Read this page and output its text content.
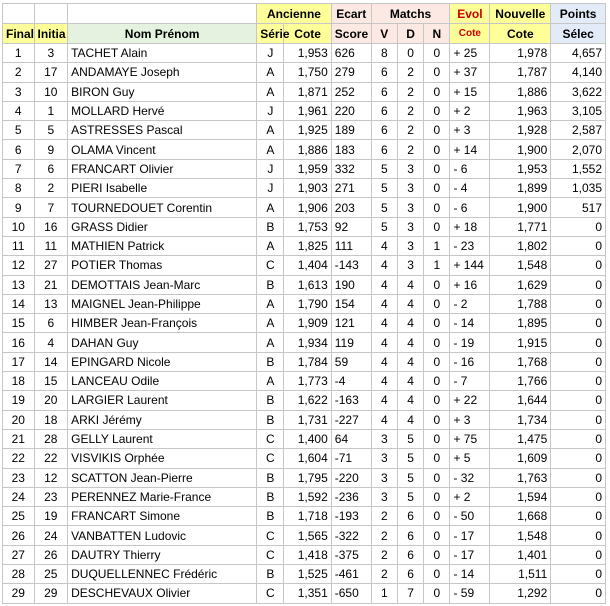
			Ancienne		Ecart	Matchs			Evol	Nouvelle	Points
Final	Initia	Nom Prénom	Série	Cote	Score	V	D	N	Cote	Cote	Sélec
1	3	TACHET Alain	J	1,953	626	8	0	0	+ 25	1,978	4,657
2	17	ANDAMAYE Joseph	A	1,750	279	6	2	0	+ 37	1,787	4,140
3	10	BIRON Guy	A	1,871	252	6	2	0	+ 15	1,886	3,622
4	1	MOLLARD Hervé	J	1,961	220	6	2	0	+ 2	1,963	3,105
5	5	ASTRESSES Pascal	A	1,925	189	6	2	0	+ 3	1,928	2,587
6	9	OLAMA Vincent	A	1,886	183	6	2	0	+ 14	1,900	2,070
7	6	FRANCART Olivier	J	1,959	332	5	3	0	- 6	1,953	1,552
8	2	PIERI Isabelle	J	1,903	271	5	3	0	- 4	1,899	1,035
9	7	TOURNEDOUET Corentin	A	1,906	203	5	3	0	- 6	1,900	517
10	16	GRASS Didier	B	1,753	92	5	3	0	+ 18	1,771	0
11	11	MATHIEN Patrick	A	1,825	111	4	3	1	- 23	1,802	0
12	27	POTIER Thomas	C	1,404	-143	4	3	1	+ 144	1,548	0
13	21	DEMOTTAIS Jean-Marc	B	1,613	190	4	4	0	+ 16	1,629	0
14	13	MAIGNEL Jean-Philippe	A	1,790	154	4	4	0	- 2	1,788	0
15	6	HIMBER Jean-François	A	1,909	121	4	4	0	- 14	1,895	0
16	4	DAHAN Guy	A	1,934	119	4	4	0	- 19	1,915	0
17	14	EPINGARD Nicole	B	1,784	59	4	4	0	- 16	1,768	0
18	15	LANCEAU Odile	A	1,773	-4	4	4	0	- 7	1,766	0
19	20	LARGIER Laurent	B	1,622	-163	4	4	0	+ 22	1,644	0
20	18	ARKI Jérémy	B	1,731	-227	4	4	0	+ 3	1,734	0
21	28	GELLY Laurent	C	1,400	64	3	5	0	+ 75	1,475	0
22	22	VISVIKIS Orphée	C	1,604	-71	3	5	0	+ 5	1,609	0
23	12	SCATTON Jean-Pierre	B	1,795	-220	3	5	0	- 32	1,763	0
24	23	PERENNEZ Marie-France	B	1,592	-236	3	5	0	+ 2	1,594	0
25	19	FRANCART Simone	B	1,718	-193	2	6	0	- 50	1,668	0
26	24	VANBATTEN Ludovic	C	1,565	-322	2	6	0	- 17	1,548	0
27	26	DAUTRY Thierry	C	1,418	-375	2	6	0	- 17	1,401	0
28	25	DUQUELLENNEC Frédéric	B	1,525	-461	2	6	0	- 14	1,511	0
29	29	DESCHEVAUX Olivier	C	1,351	-650	1	7	0	- 59	1,292	0
